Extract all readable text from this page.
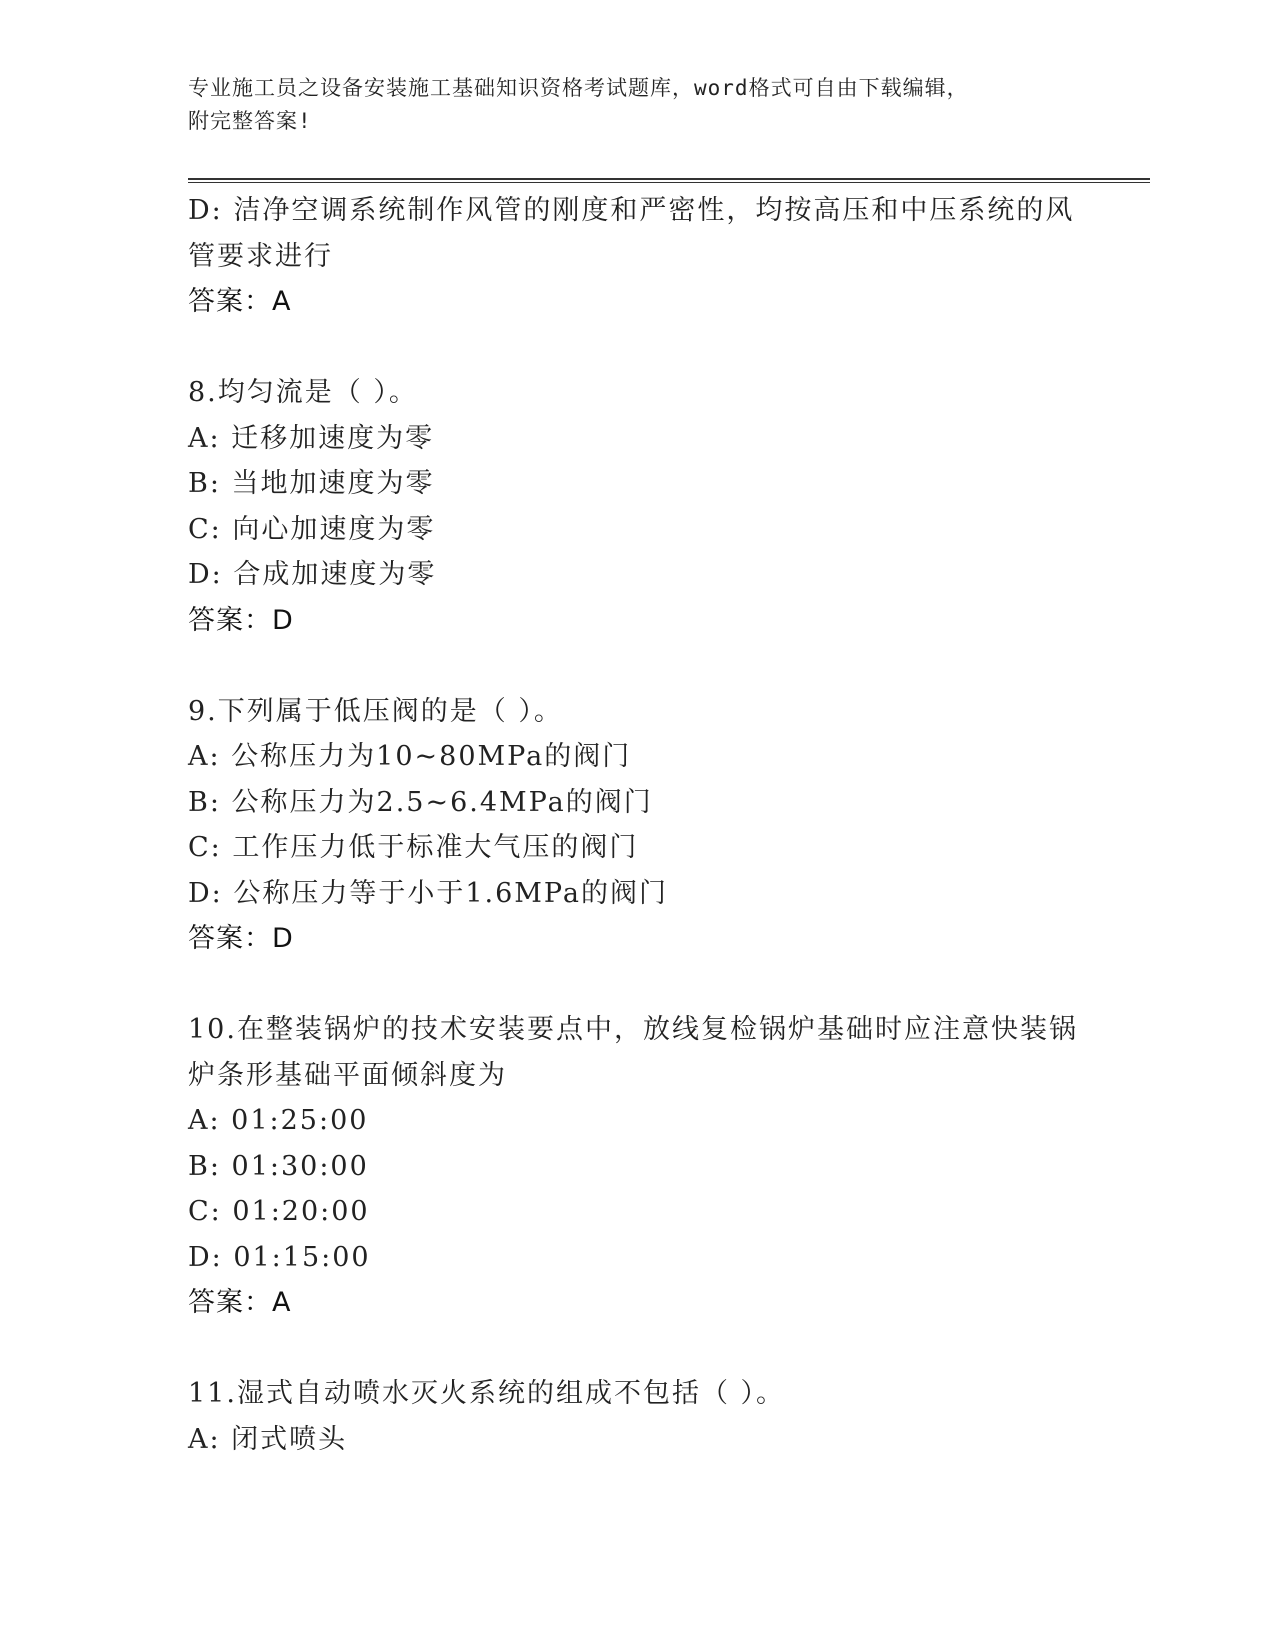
专业施工员之设备安装施工基础知识资格考试题库，word格式可自由下载编辑，
附完整答案!
D: 洁净空调系统制作风管的刚度和严密性，均按高压和中压系统的风
管要求进行
答案：A
8.均匀流是（ ）。
A: 迁移加速度为零
B: 当地加速度为零
C: 向心加速度为零
D: 合成加速度为零
答案：D
9.下列属于低压阀的是（ ）。
A: 公称压力为10~80MPa的阀门
B: 公称压力为2.5~6.4MPa的阀门
C: 工作压力低于标准大气压的阀门
D: 公称压力等于小于1.6MPa的阀门
答案：D
10.在整装锅炉的技术安装要点中，放线复检锅炉基础时应注意快装锅
炉条形基础平面倾斜度为
A: 01:25:00
B: 01:30:00
C: 01:20:00
D: 01:15:00
答案：A
11.湿式自动喷水灭火系统的组成不包括（ ）。
A: 闭式喷头
